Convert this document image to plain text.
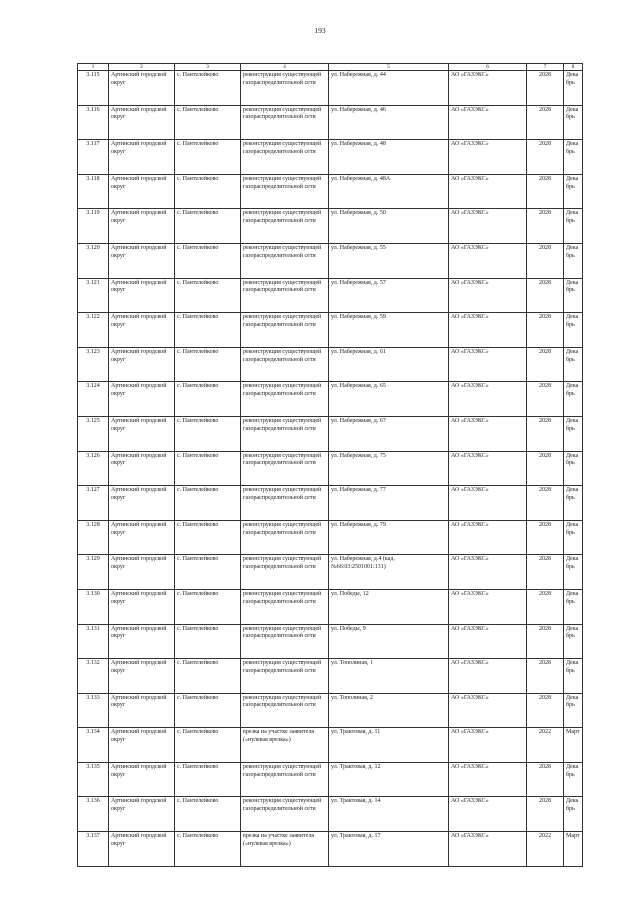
193
1	2	3	4	5	6	7	8
3.115	Артинский городской округ	с. Пантелейково	реконструкция существующей газораспределительной сети	ул. Набережная, д. 44	АО «ГАЗЭКС»	2028	Декабрь
3.116	Артинский городской округ	с. Пантелейково	реконструкция существующей газораспределительной сети	ул. Набережная, д. 46	АО «ГАЗЭКС»	2028	Декабрь
3.117	Артинский городской округ	с. Пантелейково	реконструкция существующей газораспределительной сети	ул. Набережная, д. 48	АО «ГАЗЭКС»	2028	Декабрь
3.118	Артинский городской округ	с. Пантелейково	реконструкция существующей газораспределительной сети	ул. Набережная, д. 48А	АО «ГАЗЭКС»	2028	Декабрь
3.119	Артинский городской округ	с. Пантелейково	реконструкция существующей газораспределительной сети	ул. Набережная, д. 50	АО «ГАЗЭКС»	2028	Декабрь
3.120	Артинский городской округ	с. Пантелейково	реконструкция существующей газораспределительной сети	ул. Набережная, д. 55	АО «ГАЗЭКС»	2028	Декабрь
3.121	Артинский городской округ	с. Пантелейково	реконструкция существующей газораспределительной сети	ул. Набережная, д. 57	АО «ГАЗЭКС»	2028	Декабрь
3.122	Артинский городской округ	с. Пантелейково	реконструкция существующей газораспределительной сети	ул. Набережная, д. 59	АО «ГАЗЭКС»	2028	Декабрь
3.123	Артинский городской округ	с. Пантелейково	реконструкция существующей газораспределительной сети	ул. Набережная, д. 61	АО «ГАЗЭКС»	2028	Декабрь
3.124	Артинский городской округ	с. Пантелейково	реконструкция существующей газораспределительной сети	ул. Набережная, д. 65	АО «ГАЗЭКС»	2028	Декабрь
3.125	Артинский городской округ	с. Пантелейково	реконструкция существующей газораспределительной сети	ул. Набережная, д. 67	АО «ГАЗЭКС»	2028	Декабрь
3.126	Артинский городской округ	с. Пантелейково	реконструкция существующей газораспределительной сети	ул. Набережная, д. 75	АО «ГАЗЭКС»	2028	Декабрь
3.127	Артинский городской округ	с. Пантелейково	реконструкция существующей газораспределительной сети	ул. Набережная, д. 77	АО «ГАЗЭКС»	2028	Декабрь
3.128	Артинский городской округ	с. Пантелейково	реконструкция существующей газораспределительной сети	ул. Набережная, д. 79	АО «ГАЗЭКС»	2028	Декабрь
3.129	Артинский городской округ	с. Пантелейково	реконструкция существующей газораспределительной сети	ул. Набережная, д.4 (кад.№66:03:2501001:131)	АО «ГАЗЭКС»	2028	Декабрь
3.130	Артинский городской округ	с. Пантелейково	реконструкция существующей газораспределительной сети	ул. Победы, 12	АО «ГАЗЭКС»	2028	Декабрь
3.131	Артинский городской округ	с. Пантелейково	реконструкция существующей газораспределительной сети	ул. Победы, 9	АО «ГАЗЭКС»	2028	Декабрь
3.132	Артинский городской округ	с. Пантелейково	реконструкция существующей газораспределительной сети	ул. Тополиная, 1	АО «ГАЗЭКС»	2028	Декабрь
3.133	Артинский городской округ	с. Пантелейково	реконструкция существующей газораспределительной сети	ул. Тополиная, 2	АО «ГАЗЭКС»	2028	Декабрь
3.134	Артинский городской округ	с. Пантелейково	врезка на участке заявителя («нулевая врезка»)	ул. Трактовая, д. 11	АО «ГАЗЭКС»	2022	Март
3.135	Артинский городской округ	с. Пантелейково	реконструкция существующей газораспределительной сети	ул. Трактовая, д. 12	АО «ГАЗЭКС»	2028	Декабрь
3.136	Артинский городской округ	с. Пантелейково	реконструкция существующей газораспределительной сети	ул. Трактовая, д. 14	АО «ГАЗЭКС»	2028	Декабрь
3.137	Артинский городской округ	с. Пантелейково	врезка на участке заявителя («нулевая врезка»)	ул. Трактовая, д. 17	АО «ГАЗЭКС»	2022	Март
